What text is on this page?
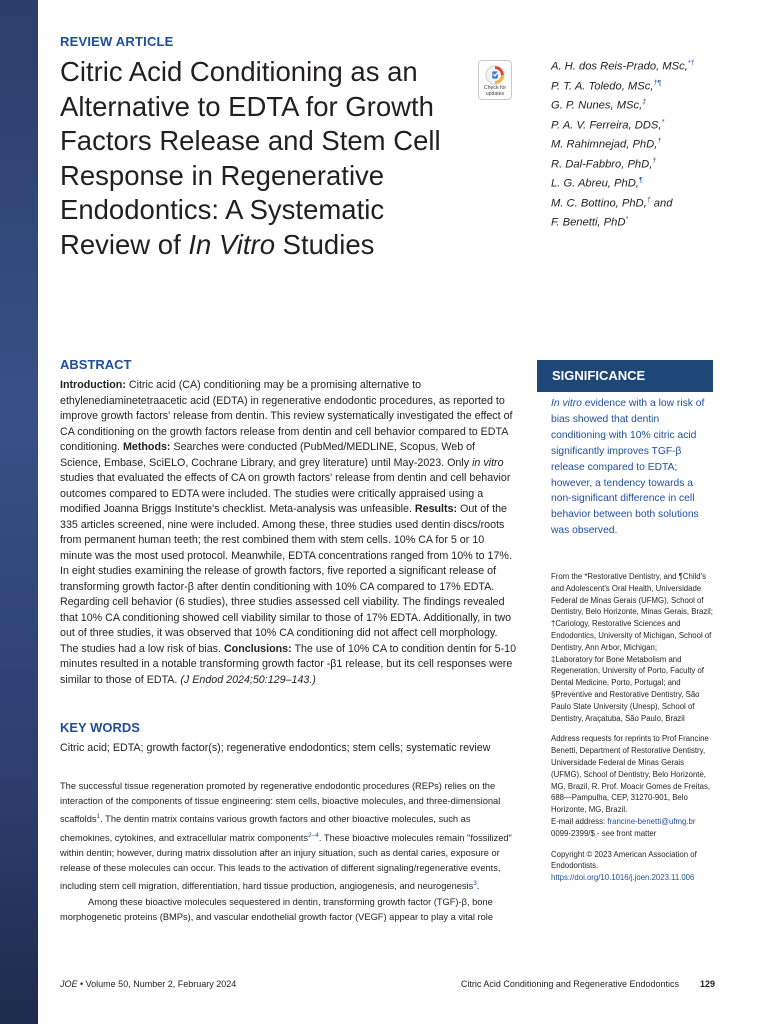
REVIEW ARTICLE
Citric Acid Conditioning as an Alternative to EDTA for Growth Factors Release and Stem Cell Response in Regenerative Endodontics: A Systematic Review of In Vitro Studies
Check for
updates
A. H. dos Reis-Prado, MSc,*†
P. T. A. Toledo, MSc,†¶
G. P. Nunes, MSc,‡
P. A. V. Ferreira, DDS,*
M. Rahimnejad, PhD,†
R. Dal-Fabbro, PhD,†
L. G. Abreu, PhD,¶
M. C. Bottino, PhD,† and
F. Benetti, PhD*
ABSTRACT

Introduction: Citric acid (CA) conditioning may be a promising alternative to ethylenediaminetetraacetic acid (EDTA) in regenerative endodontic procedures, as reported to improve growth factors' release from dentin. This review systematically investigated the effect of CA conditioning on the growth factors release from dentin and cell behavior compared to EDTA conditioning. Methods: Searches were conducted (PubMed/MEDLINE, Scopus, Web of Science, Embase, SciELO, Cochrane Library, and grey literature) until May-2023. Only in vitro studies that evaluated the effects of CA on growth factors' release from dentin and cell behavior outcomes compared to EDTA were included. The studies were critically appraised using a modified Joanna Briggs Institute's checklist. Meta-analysis was unfeasible. Results: Out of the 335 articles screened, nine were included. Among these, three studies used dentin discs/roots from permanent human teeth; the rest combined them with stem cells. 10% CA for 5 or 10 minute was the most used protocol. Meanwhile, EDTA concentrations ranged from 10% to 17%. In eight studies examining the release of growth factors, five reported a significant release of transforming growth factor-β after dentin conditioning with 10% CA compared to 17% EDTA. Regarding cell behavior (6 studies), three studies assessed cell viability. The findings revealed that 10% CA conditioning showed cell viability similar to those of 17% EDTA. Additionally, in two out of three studies, it was observed that 10% CA conditioning did not affect cell morphology. The studies had a low risk of bias. Conclusions: The use of 10% CA to condition dentin for 5-10 minutes resulted in a notable transforming growth factor -β1 release, but its cell responses were similar to those of EDTA. (J Endod 2024;50:129–143.)

KEY WORDS

Citric acid; EDTA; growth factor(s); regenerative endodontics; stem cells; systematic review

The successful tissue regeneration promoted by regenerative endodontic procedures (REPs) relies on the interaction of the components of tissue engineering: stem cells, bioactive molecules, and three-dimensional scaffolds$^1$. The dentin matrix contains various growth factors and other bioactive molecules, such as chemokines, cytokines, and extracellular matrix components$^{2-4}$. These bioactive molecules remain "fossilized" within dentin; however, during matrix dissolution after an injury situation, such as dental caries, exposure or release of these molecules can occur. This leads to the activation of different signaling/regenerative events, including stem cell migration, differentiation, hard tissue production, angiogenesis, and neurogenesis$^3$.

Among these bioactive molecules sequestered in dentin, transforming growth factor (TGF)-β, bone morphogenetic proteins (BMPs), and vascular endothelial growth factor (VEGF) appear to play a vital role

SIGNIFICANCE

In vitro evidence with a low risk of bias showed that dentin conditioning with 10% citric acid significantly improves TGF-β release compared to EDTA; however, a tendency towards a non-significant difference in cell behavior between both solutions was observed.

From the *Restorative Dentistry, and ¶Child's and Adolescent's Oral Health, Universidade Federal de Minas Gerais (UFMG), School of Dentistry, Belo Horizonte, Minas Gerais, Brazil;
†Cariology, Restorative Sciences and Endodontics, University of Michigan, School of Dentistry, Ann Arbor, Michigan;
‡Laboratory for Bone Metabolism and Regeneration, University of Porto, Faculty of Dental Medicine, Porto, Portugal; and
§Preventive and Restorative Dentistry, São Paulo State University (Unesp), School of Dentistry, Araçatuba, São Paulo, Brazil
Address requests for reprints to Prof Francine Benetti, Department of Restorative Dentistry, Universidade Federal de Minas Gerais (UFMG), School of Dentistry, Belo Horizonte, MG, Brazil, R. Prof. Moacir Gomes de Freitas, 688—Pampulha, CEP, 31270-901, Belo Horizonte, MG, Brazil.
E-mail address: francine-benetti@ufmg.br
0099-2399/$ - see front matter
Copyright © 2023 American Association of Endodontists.
https://doi.org/10.1016/j.joen.2023.11.006
JOE • Volume 50, Number 2, February 2024	Citric Acid Conditioning and Regenerative Endodontics 129
